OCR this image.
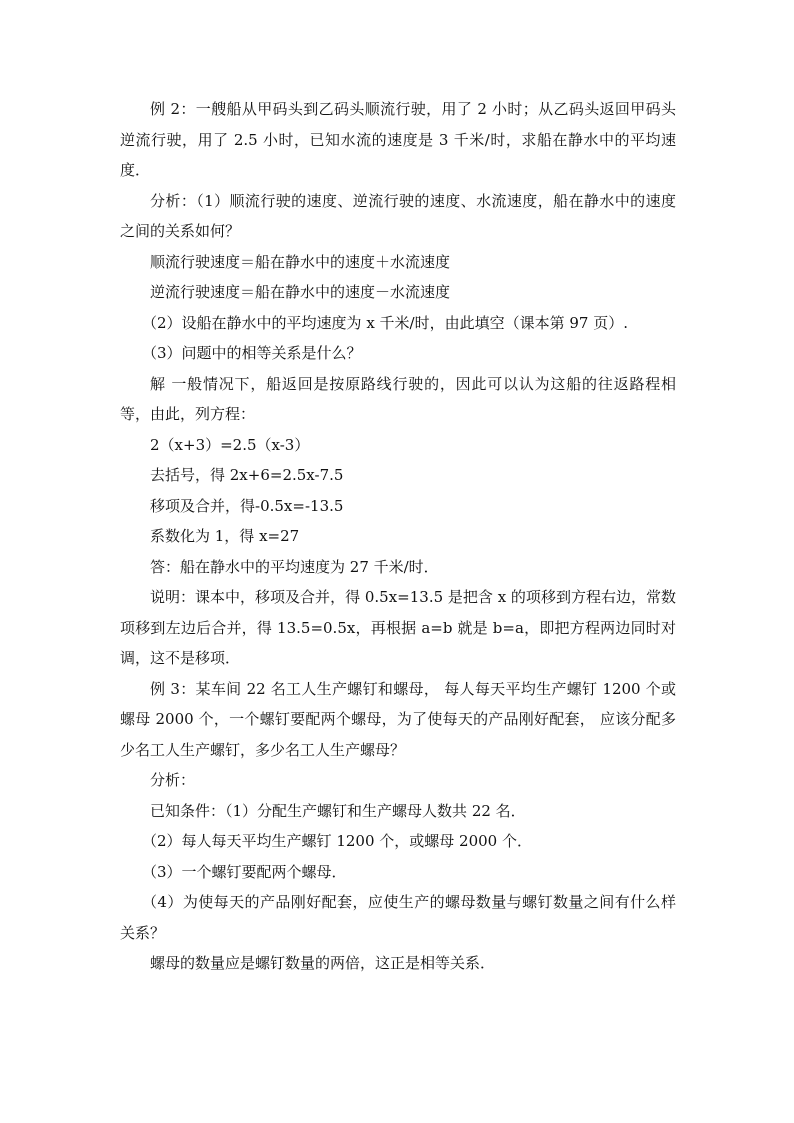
例 2：一艘船从甲码头到乙码头顺流行驶，用了 2 小时；从乙码头返回甲码头逆流行驶，用了 2.5 小时，已知水流的速度是 3 千米/时，求船在静水中的平均速度．

分析：（1）顺流行驶的速度、逆流行驶的速度、水流速度，船在静水中的速度之间的关系如何？

顺流行驶速度＝船在静水中的速度＋水流速度

逆流行驶速度＝船在静水中的速度－水流速度

（2）设船在静水中的平均速度为 x 千米/时，由此填空（课本第 97 页）.

（3）问题中的相等关系是什么？

解 一般情况下，船返回是按原路线行驶的，因此可以认为这船的往返路程相等，由此，列方程：

2（x+3）=2.5（x-3）

去括号，得 2x+6=2.5x-7.5

移项及合并，得-0.5x=-13.5

系数化为 1，得 x=27

答：船在静水中的平均速度为 27 千米/时．

说明：课本中，移项及合并，得 0.5x=13.5 是把含 x 的项移到方程右边，常数项移到左边后合并，得 13.5=0.5x，再根据 a=b 就是 b=a，即把方程两边同时对调，这不是移项．

例 3：某车间 22 名工人生产螺钉和螺母， 每人每天平均生产螺钉 1200 个或螺母 2000 个，一个螺钉要配两个螺母，为了使每天的产品刚好配套， 应该分配多少名工人生产螺钉，多少名工人生产螺母？

分析：

已知条件：（1）分配生产螺钉和生产螺母人数共 22 名．

（2）每人每天平均生产螺钉 1200 个，或螺母 2000 个．

（3）一个螺钉要配两个螺母．

（4）为使每天的产品刚好配套，应使生产的螺母数量与螺钉数量之间有什么样关系？

螺母的数量应是螺钉数量的两倍，这正是相等关系．
